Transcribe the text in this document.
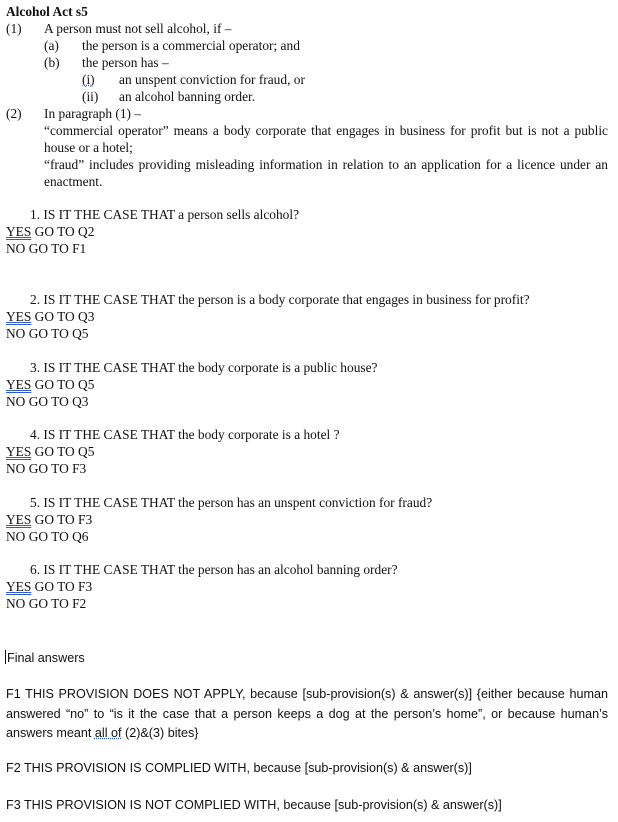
Alcohol Act s5
(1) A person must not sell alcohol, if –
(a) the person is a commercial operator; and
(b) the person has –
(i) an unspent conviction for fraud, or
(ii) an alcohol banning order.
(2) In paragraph (1) –
“commercial operator” means a body corporate that engages in business for profit but is not a public house or a hotel;
“fraud” includes providing misleading information in relation to an application for a licence under an enactment.
1. IS IT THE CASE THAT a person sells alcohol?
YES GO TO Q2
NO GO TO F1
2. IS IT THE CASE THAT the person is a body corporate that engages in business for profit?
YES GO TO Q3
NO GO TO Q5
3. IS IT THE CASE THAT the body corporate is a public house?
YES GO TO Q5
NO GO TO Q3
4. IS IT THE CASE THAT the body corporate is a hotel ?
YES GO TO Q5
NO GO TO F3
5. IS IT THE CASE THAT the person has an unspent conviction for fraud?
YES GO TO F3
NO GO TO Q6
6. IS IT THE CASE THAT the person has an alcohol banning order?
YES GO TO F3
NO GO TO F2
Final answers
F1 THIS PROVISION DOES NOT APPLY, because [sub-provision(s) & answer(s)] {either because human answered “no” to “is it the case that a person keeps a dog at the person’s home”, or because human’s answers meant all of (2)&(3) bites}
F2 THIS PROVISION IS COMPLIED WITH, because [sub-provision(s) & answer(s)]
F3 THIS PROVISION IS NOT COMPLIED WITH, because [sub-provision(s) & answer(s)]
